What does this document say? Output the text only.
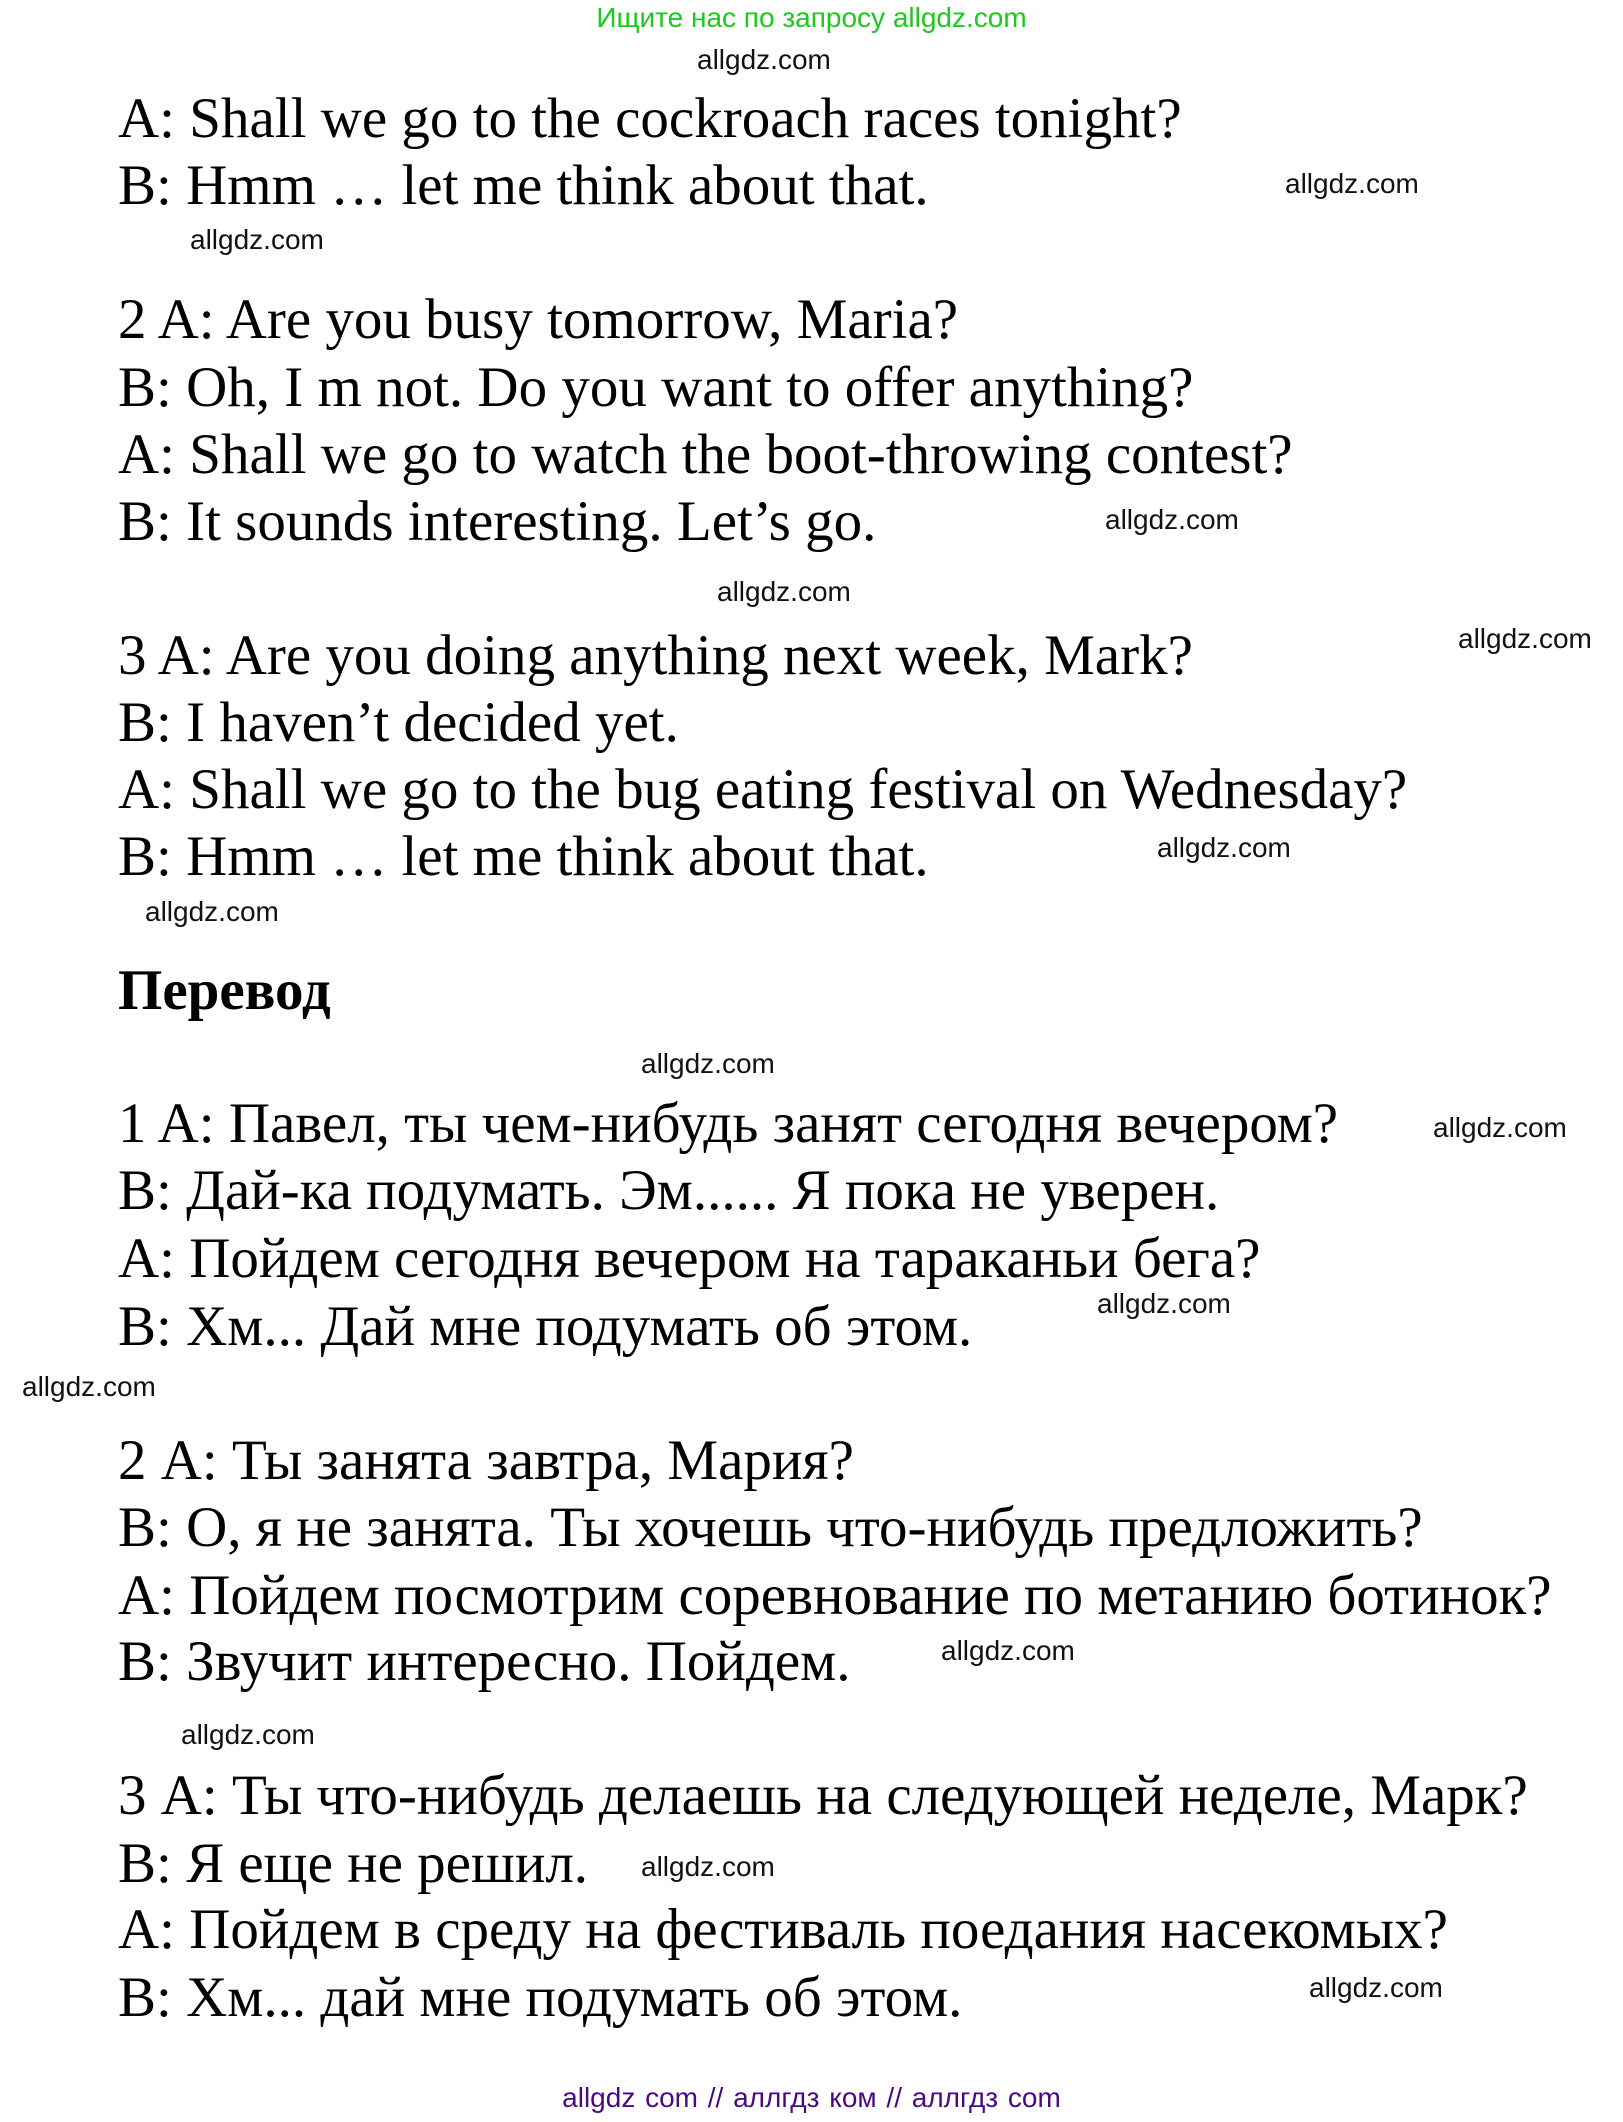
Ищите нас по запросу allgdz.com
A: Shall we go to the cockroach races tonight?
B: Hmm … let me think about that.
2 A: Are you busy tomorrow, Maria?
B: Oh, I m not. Do you want to offer anything?
A: Shall we go to watch the boot-throwing contest?
B: It sounds interesting. Let’s go.
3 A: Are you doing anything next week, Mark?
B: I haven’t decided yet.
A: Shall we go to the bug eating festival on Wednesday?
B: Hmm … let me think about that.
Перевод
1 A: Павел, ты чем-нибудь занят сегодня вечером?
В: Дай-ка подумать. Эм...... Я пока не уверен.
А: Пойдем сегодня вечером на тараканьи бега?
В: Хм... Дай мне подумать об этом.
2 А: Ты занята завтра, Мария?
В: О, я не занята. Ты хочешь что-нибудь предложить?
А: Пойдем посмотрим соревнование по метанию ботинок?
В: Звучит интересно. Пойдем.
3 А: Ты что-нибудь делаешь на следующей неделе, Марк?
В: Я еще не решил.
А: Пойдем в среду на фестиваль поедания насекомых?
В: Хм... дай мне подумать об этом.
allgdz.com
allgdz.com
allgdz.com
allgdz.com
allgdz.com
allgdz.com
allgdz.com
allgdz.com
allgdz.com
allgdz.com
allgdz.com
allgdz.com
allgdz.com
allgdz.com
allgdz.com
allgdz.com
allgdz com // аллгдз ком // аллгдз com
